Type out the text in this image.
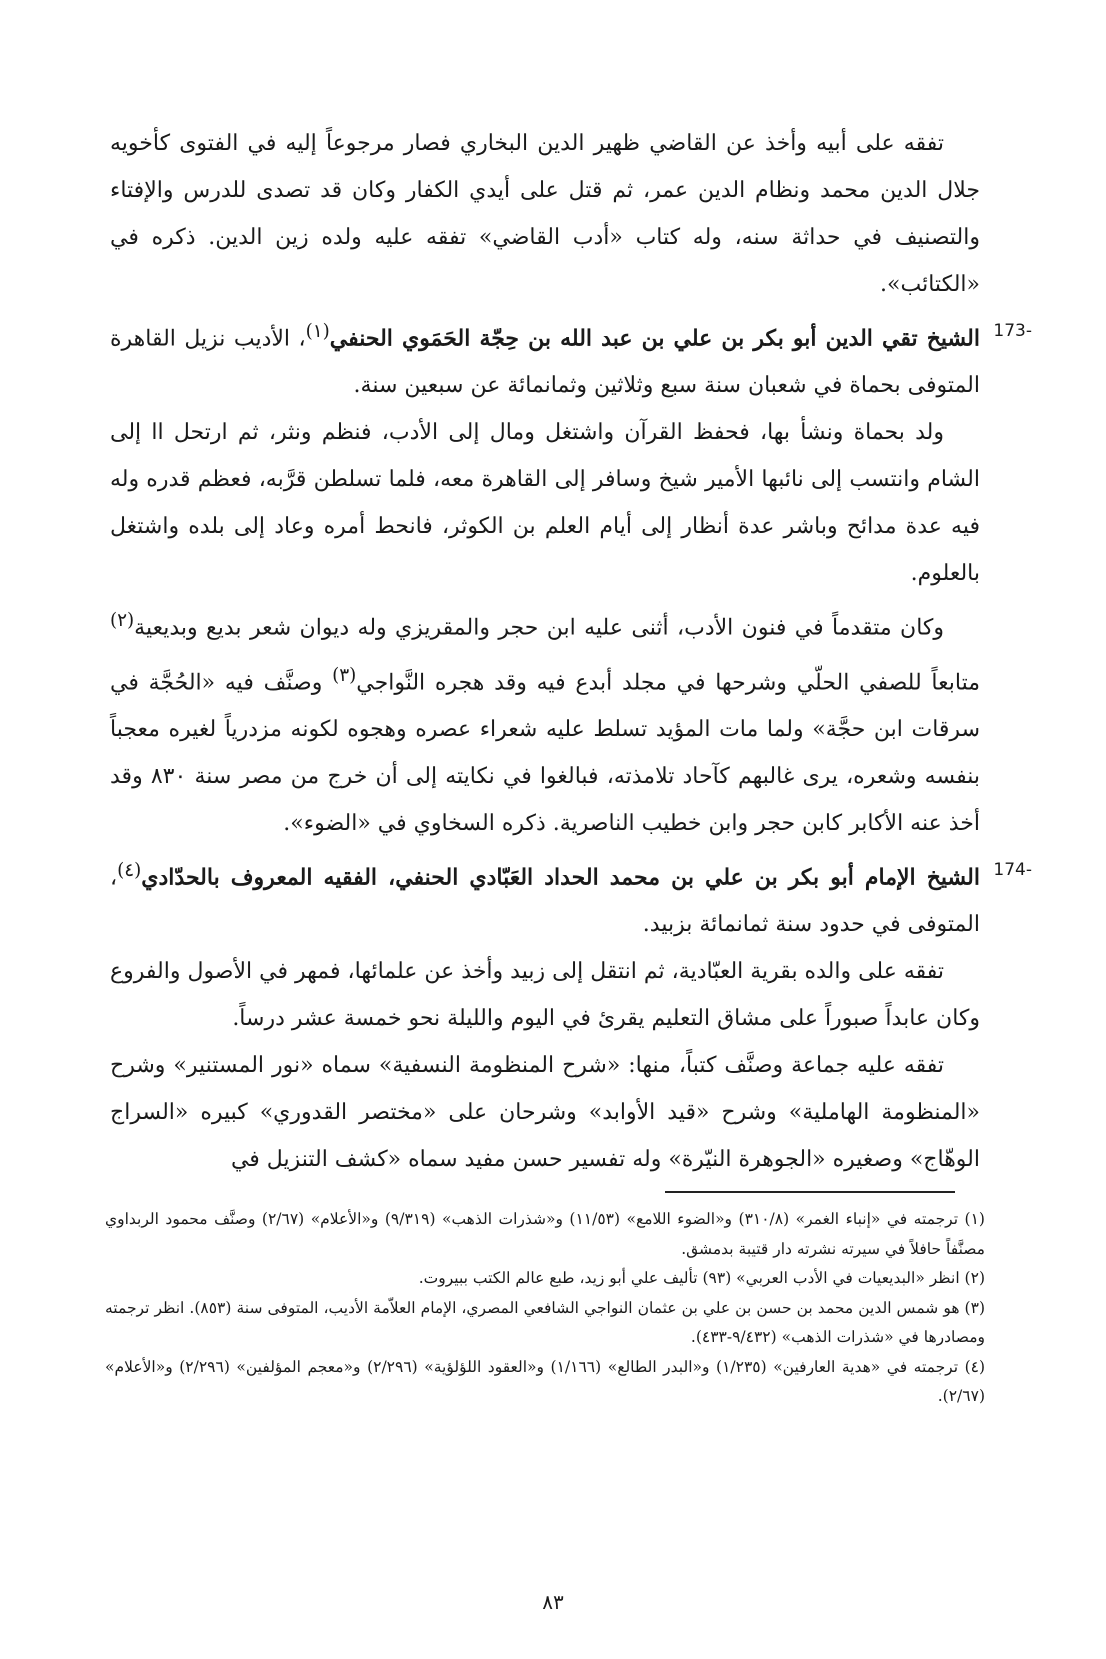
تفقه على أبيه وأخذ عن القاضي ظهير الدين البخاري فصار مرجوعاً إليه في الفتوى كأخويه جلال الدين محمد ونظام الدين عمر، ثم قتل على أيدي الكفار وكان قد تصدى للدرس والإفتاء والتصنيف في حداثة سنه، وله كتاب «أدب القاضي» تفقه عليه ولده زين الدين. ذكره في «الكتائب».

173-
الشيخ تقي الدين أبو بكر بن علي بن عبد الله بن حِجّة الحَمَوي الحنفي$^{(١)}$، الأديب نزيل القاهرة المتوفى بحماة في شعبان سنة سبع وثلاثين وثمانمائة عن سبعين سنة.

ولد بحماة ونشأ بها، فحفظ القرآن واشتغل ومال إلى الأدب، فنظم ونثر، ثم ارتحل اا إلى الشام وانتسب إلى نائبها الأمير شيخ وسافر إلى القاهرة معه، فلما تسلطن قرَّبه، فعظم قدره وله فيه عدة مدائح وباشر عدة أنظار إلى أيام العلم بن الكوثر، فانحط أمره وعاد إلى بلده واشتغل بالعلوم.

وكان متقدماً في فنون الأدب، أثنى عليه ابن حجر والمقريزي وله ديوان شعر بديع وبديعية$^{(٢)}$ متابعاً للصفي الحلّي وشرحها في مجلد أبدع فيه وقد هجره النَّواجي$^{(٣)}$ وصنَّف فيه «الحُجَّة في سرقات ابن حجَّة» ولما مات المؤيد تسلط عليه شعراء عصره وهجوه لكونه مزدرياً لغيره معجباً بنفسه وشعره، يرى غالبهم كآحاد تلامذته، فبالغوا في نكايته إلى أن خرج من مصر سنة ٨٣٠ وقد أخذ عنه الأكابر كابن حجر وابن خطيب الناصرية. ذكره السخاوي في «الضوء».

174-
الشيخ الإمام أبو بكر بن علي بن محمد الحداد العَبّادي الحنفي، الفقيه المعروف بالحدّادي$^{(٤)}$، المتوفى في حدود سنة ثمانمائة بزبيد.

تفقه على والده بقرية العبّادية، ثم انتقل إلى زبيد وأخذ عن علمائها، فمهر في الأصول والفروع وكان عابداً صبوراً على مشاق التعليم يقرئ في اليوم والليلة نحو خمسة عشر درساً.

تفقه عليه جماعة وصنَّف كتباً، منها: «شرح المنظومة النسفية» سماه «نور المستنير» وشرح «المنظومة الهاملية» وشرح «قيد الأوابد» وشرحان على «مختصر القدوري» كبيره «السراج الوهّاج» وصغيره «الجوهرة النيّرة» وله تفسير حسن مفيد سماه «كشف التنزيل في

(١) ترجمته في «إنباء الغمر» (٣١٠/٨) و«الضوء اللامع» (١١/٥٣) و«شذرات الذهب» (٩/٣١٩) و«الأعلام» (٢/٦٧) وصنَّف محمود الربداوي مصنَّفاً حافلاً في سيرته نشرته دار قتيبة بدمشق.

(٢) انظر «البديعيات في الأدب العربي» (٩٣) تأليف علي أبو زيد، طبع عالم الكتب ببيروت.

(٣) هو شمس الدين محمد بن حسن بن علي بن عثمان النواجي الشافعي المصري، الإمام العلاّمة الأديب، المتوفى سنة (٨٥٣). انظر ترجمته ومصادرها في «شذرات الذهب» (٩/٤٣٢-٤٣٣).

(٤) ترجمته في «هدية العارفين» (١/٢٣٥) و«البدر الطالع» (١/١٦٦) و«العقود اللؤلؤية» (٢/٢٩٦) و«معجم المؤلفين» (٢/٢٩٦) و«الأعلام» (٢/٦٧).

٨٣
